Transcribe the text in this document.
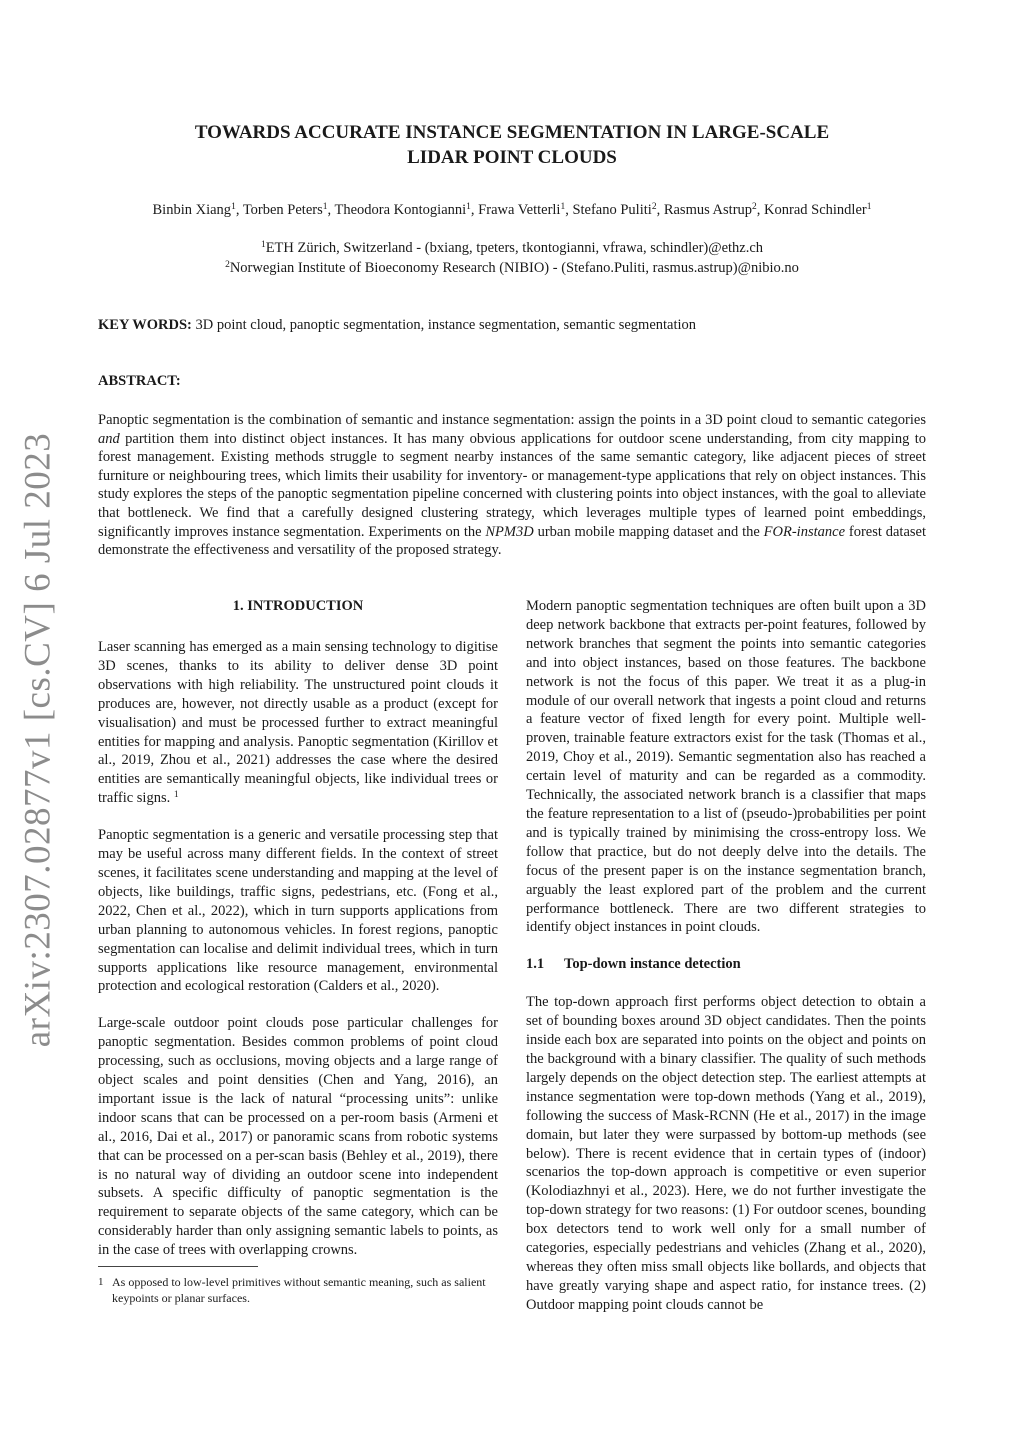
arXiv:2307.02877v1 [cs.CV] 6 Jul 2023
TOWARDS ACCURATE INSTANCE SEGMENTATION IN LARGE-SCALE
LIDAR POINT CLOUDS
Binbin Xiang$^1$, Torben Peters$^1$, Theodora Kontogianni$^1$, Frawa Vetterli$^1$, Stefano Puliti$^2$, Rasmus Astrup$^2$, Konrad Schindler$^1$
$^1$ETH Zürich, Switzerland - (bxiang, tpeters, tkontogianni, vfrawa, schindler)@ethz.ch
$^2$Norwegian Institute of Bioeconomy Research (NIBIO) - (Stefano.Puliti, rasmus.astrup)@nibio.no
KEY WORDS: 3D point cloud, panoptic segmentation, instance segmentation, semantic segmentation
ABSTRACT:
Panoptic segmentation is the combination of semantic and instance segmentation: assign the points in a 3D point cloud to semantic categories and partition them into distinct object instances. It has many obvious applications for outdoor scene understanding, from city mapping to forest management. Existing methods struggle to segment nearby instances of the same semantic category, like adjacent pieces of street furniture or neighbouring trees, which limits their usability for inventory- or management-type applications that rely on object instances. This study explores the steps of the panoptic segmentation pipeline concerned with clustering points into object instances, with the goal to alleviate that bottleneck. We find that a carefully designed clustering strategy, which leverages multiple types of learned point embeddings, significantly improves instance segmentation. Experiments on the NPM3D urban mobile mapping dataset and the FOR-instance forest dataset demonstrate the effectiveness and versatility of the proposed strategy.
1. INTRODUCTION

Laser scanning has emerged as a main sensing technology to digitise 3D scenes, thanks to its ability to deliver dense 3D point observations with high reliability. The unstructured point clouds it produces are, however, not directly usable as a product (except for visualisation) and must be processed further to extract meaningful entities for mapping and analysis. Panoptic segmentation (Kirillov et al., 2019, Zhou et al., 2021) addresses the case where the desired entities are semantically meaningful objects, like individual trees or traffic signs. $^1$

Panoptic segmentation is a generic and versatile processing step that may be useful across many different fields. In the context of street scenes, it facilitates scene understanding and mapping at the level of objects, like buildings, traffic signs, pedestrians, etc. (Fong et al., 2022, Chen et al., 2022), which in turn supports applications from urban planning to autonomous vehicles. In forest regions, panoptic segmentation can localise and delimit individual trees, which in turn supports applications like resource management, environmental protection and ecological restoration (Calders et al., 2020).

Large-scale outdoor point clouds pose particular challenges for panoptic segmentation. Besides common problems of point cloud processing, such as occlusions, moving objects and a large range of object scales and point densities (Chen and Yang, 2016), an important issue is the lack of natural “processing units”: unlike indoor scans that can be processed on a per-room basis (Armeni et al., 2016, Dai et al., 2017) or panoramic scans from robotic systems that can be processed on a per-scan basis (Behley et al., 2019), there is no natural way of dividing an outdoor scene into independent subsets. A specific difficulty of panoptic segmentation is the requirement to separate objects of the same category, which can be considerably harder than only assigning semantic labels to points, as in the case of trees with overlapping crowns.

1 As opposed to low-level primitives without semantic meaning, such as salient keypoints or planar surfaces.

Modern panoptic segmentation techniques are often built upon a 3D deep network backbone that extracts per-point features, followed by network branches that segment the points into semantic categories and into object instances, based on those features. The backbone network is not the focus of this paper. We treat it as a plug-in module of our overall network that ingests a point cloud and returns a feature vector of fixed length for every point. Multiple well-proven, trainable feature extractors exist for the task (Thomas et al., 2019, Choy et al., 2019). Semantic segmentation also has reached a certain level of maturity and can be regarded as a commodity. Technically, the associated network branch is a classifier that maps the feature representation to a list of (pseudo-)probabilities per point and is typically trained by minimising the cross-entropy loss. We follow that practice, but do not deeply delve into the details. The focus of the present paper is on the instance segmentation branch, arguably the least explored part of the problem and the current performance bottleneck. There are two different strategies to identify object instances in point clouds.

1.1 Top-down instance detection

The top-down approach first performs object detection to obtain a set of bounding boxes around 3D object candidates. Then the points inside each box are separated into points on the object and points on the background with a binary classifier. The quality of such methods largely depends on the object detection step. The earliest attempts at instance segmentation were top-down methods (Yang et al., 2019), following the success of Mask-RCNN (He et al., 2017) in the image domain, but later they were surpassed by bottom-up methods (see below). There is recent evidence that in certain types of (indoor) scenarios the top-down approach is competitive or even superior (Kolodiazhnyi et al., 2023). Here, we do not further investigate the top-down strategy for two reasons: (1) For outdoor scenes, bounding box detectors tend to work well only for a small number of categories, especially pedestrians and vehicles (Zhang et al., 2020), whereas they often miss small objects like bollards, and objects that have greatly varying shape and aspect ratio, for instance trees. (2) Outdoor mapping point clouds cannot be
